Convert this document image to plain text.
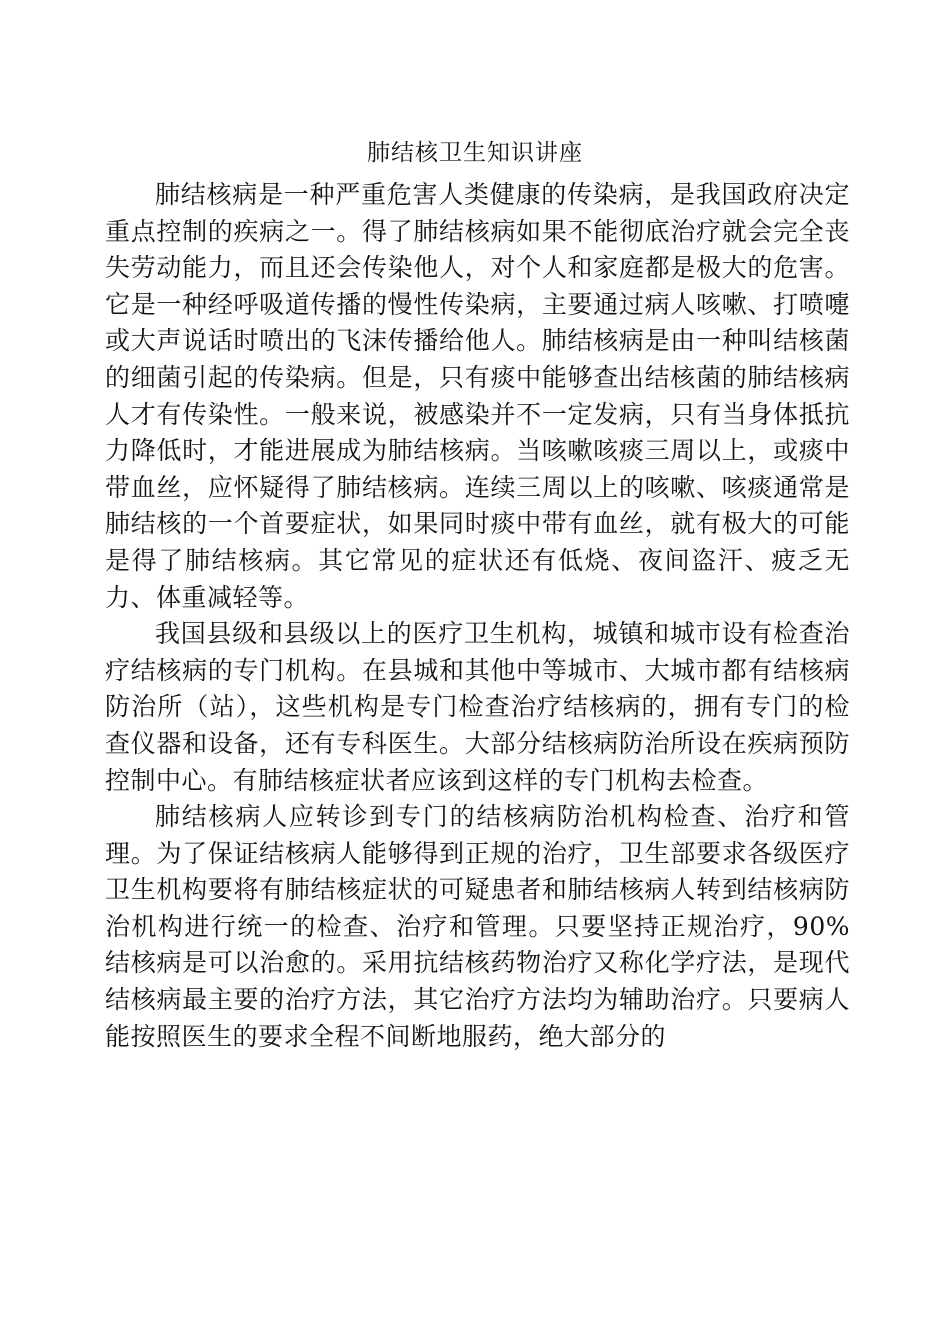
肺结核卫生知识讲座

肺结核病是一种严重危害人类健康的传染病，是我国政府决定重点控制的疾病之一。得了肺结核病如果不能彻底治疗就会完全丧失劳动能力，而且还会传染他人，对个人和家庭都是极大的危害。它是一种经呼吸道传播的慢性传染病，主要通过病人咳嗽、打喷嚏或大声说话时喷出的飞沫传播给他人。肺结核病是由一种叫结核菌的细菌引起的传染病。但是，只有痰中能够查出结核菌的肺结核病人才有传染性。一般来说，被感染并不一定发病，只有当身体抵抗力降低时，才能进展成为肺结核病。当咳嗽咳痰三周以上，或痰中带血丝，应怀疑得了肺结核病。连续三周以上的咳嗽、咳痰通常是肺结核的一个首要症状，如果同时痰中带有血丝，就有极大的可能是得了肺结核病。其它常见的症状还有低烧、夜间盗汗、疲乏无力、体重减轻等。

我国县级和县级以上的医疗卫生机构，城镇和城市设有检查治疗结核病的专门机构。在县城和其他中等城市、大城市都有结核病防治所（站），这些机构是专门检查治疗结核病的，拥有专门的检查仪器和设备，还有专科医生。大部分结核病防治所设在疾病预防控制中心。有肺结核症状者应该到这样的专门机构去检查。

肺结核病人应转诊到专门的结核病防治机构检查、治疗和管理。为了保证结核病人能够得到正规的治疗，卫生部要求各级医疗卫生机构要将有肺结核症状的可疑患者和肺结核病人转到结核病防治机构进行统一的检查、治疗和管理。只要坚持正规治疗，90%结核病是可以治愈的。采用抗结核药物治疗又称化学疗法，是现代结核病最主要的治疗方法，其它治疗方法均为辅助治疗。只要病人能按照医生的要求全程不间断地服药，绝大部分的
